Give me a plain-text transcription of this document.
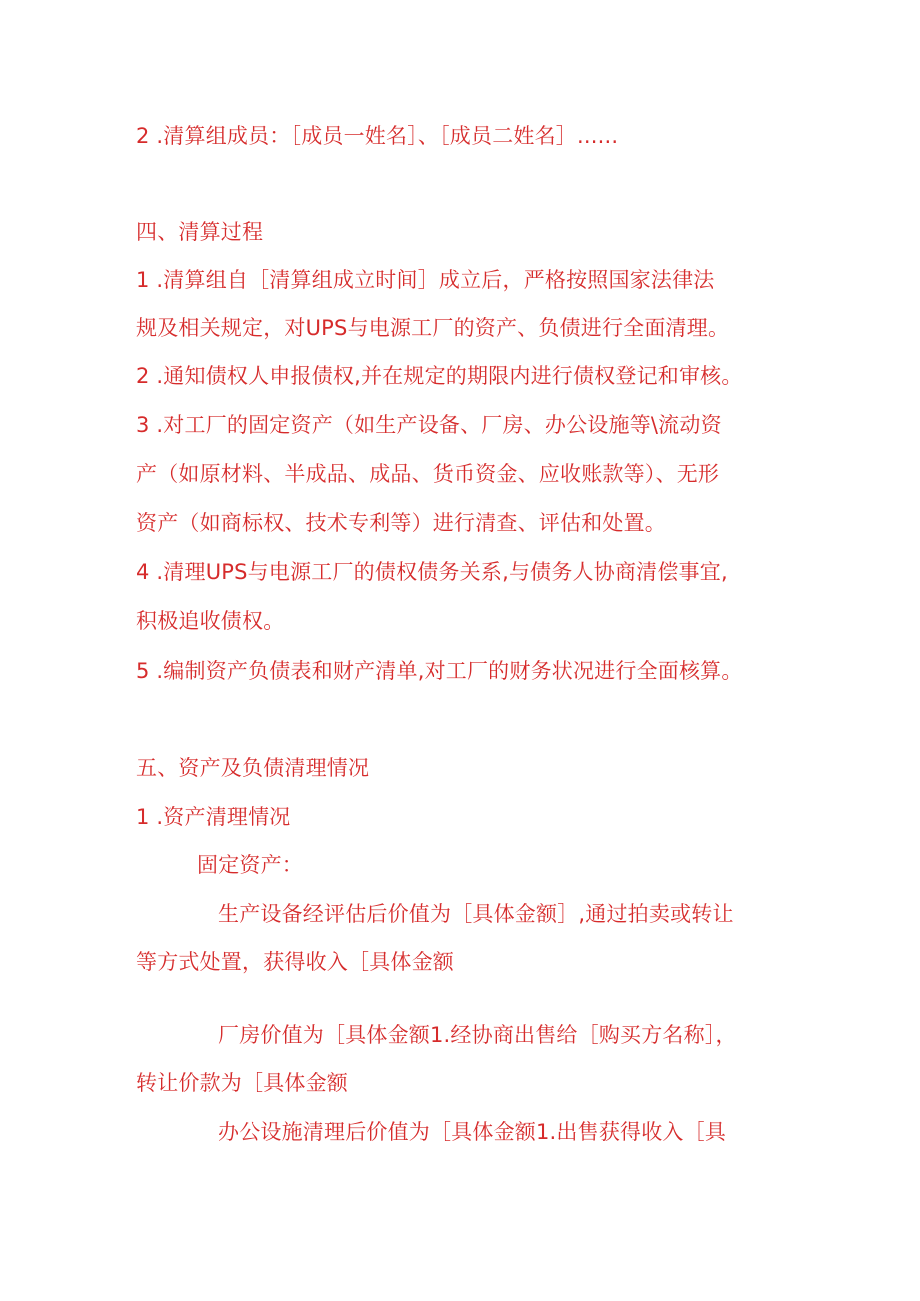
2 .清算组成员：［成员一姓名］、［成员二姓名］......
四、清算过程
1 .清算组自［清算组成立时间］成立后，严格按照国家法律法
规及相关规定，对UPS与电源工厂的资产、负债进行全面清理。
2 .通知债权人申报债权,并在规定的期限内进行债权登记和审核。
3 .对工厂的固定资产（如生产设备、厂房、办公设施等\流动资
产（如原材料、半成品、成品、货币资金、应收账款等）、无形
资产（如商标权、技术专利等）进行清查、评估和处置。
4 .清理UPS与电源工厂的债权债务关系,与债务人协商清偿事宜,
积极追收债权。
5 .编制资产负债表和财产清单,对工厂的财务状况进行全面核算。
五、资产及负债清理情况
1 .资产清理情况
固定资产：
生产设备经评估后价值为［具体金额］,通过拍卖或转让
等方式处置，获得收入［具体金额
厂房价值为［具体金额1.经协商出售给［购买方名称］，
转让价款为［具体金额
办公设施清理后价值为［具体金额1.出售获得收入［具
